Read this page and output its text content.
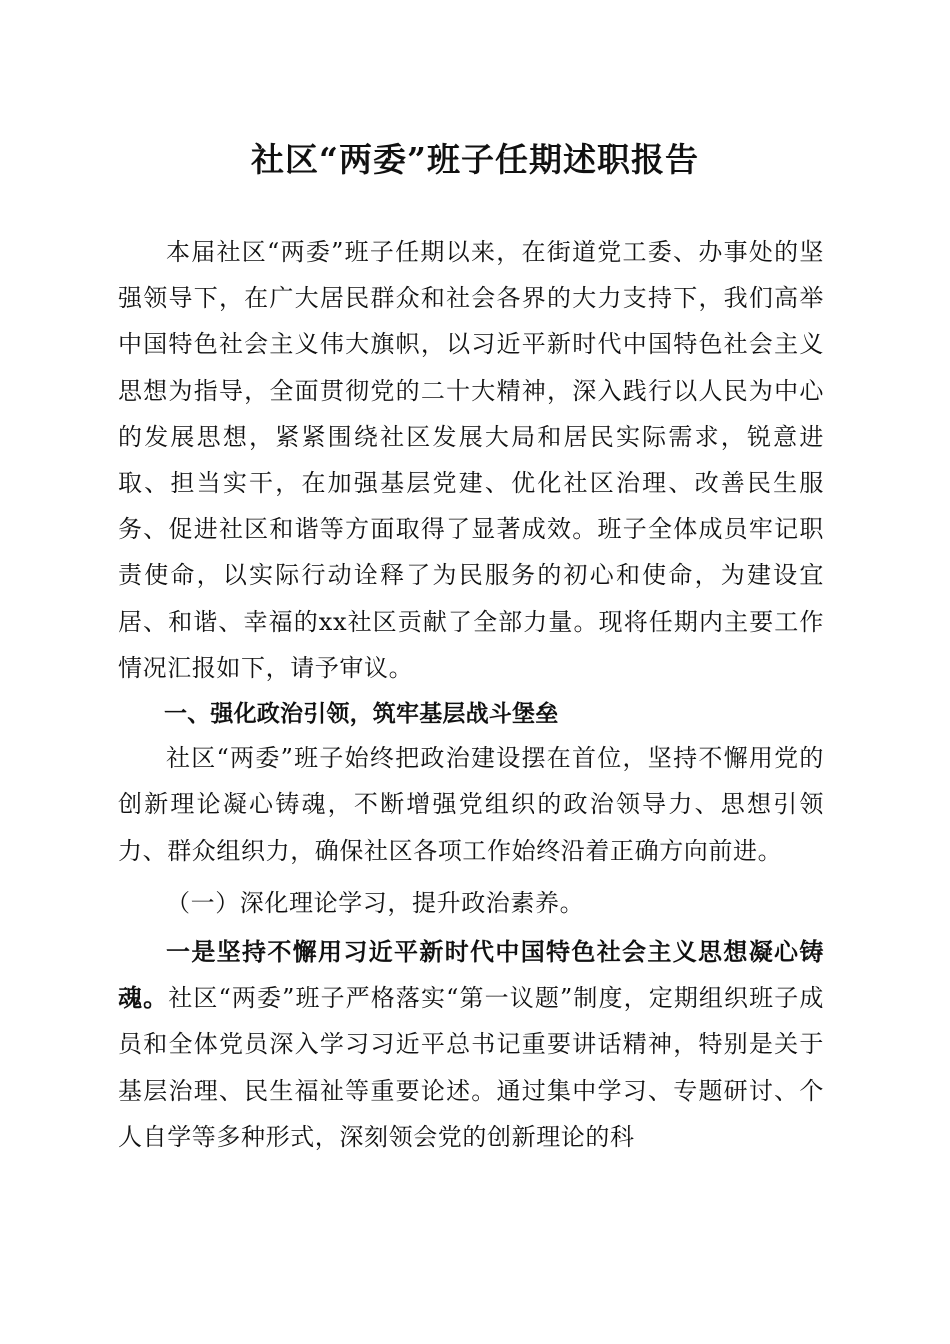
社区“两委”班子任期述职报告

本届社区“两委”班子任期以来，在街道党工委、办事处的坚强领导下，在广大居民群众和社会各界的大力支持下，我们高举中国特色社会主义伟大旗帜，以习近平新时代中国特色社会主义思想为指导，全面贯彻党的二十大精神，深入践行以人民为中心的发展思想，紧紧围绕社区发展大局和居民实际需求，锐意进取、担当实干，在加强基层党建、优化社区治理、改善民生服务、促进社区和谐等方面取得了显著成效。班子全体成员牢记职责使命，以实际行动诠释了为民服务的初心和使命，为建设宜居、和谐、幸福的xx社区贡献了全部力量。现将任期内主要工作情况汇报如下，请予审议。

一、强化政治引领，筑牢基层战斗堡垒

社区“两委”班子始终把政治建设摆在首位，坚持不懈用党的创新理论凝心铸魂，不断增强党组织的政治领导力、思想引领力、群众组织力，确保社区各项工作始终沿着正确方向前进。

（一）深化理论学习，提升政治素养。

一是坚持不懈用习近平新时代中国特色社会主义思想凝心铸魂。社区“两委”班子严格落实“第一议题”制度，定期组织班子成员和全体党员深入学习习近平总书记重要讲话精神，特别是关于基层治理、民生福祉等重要论述。通过集中学习、专题研讨、个人自学等多种形式，深刻领会党的创新理论的科
